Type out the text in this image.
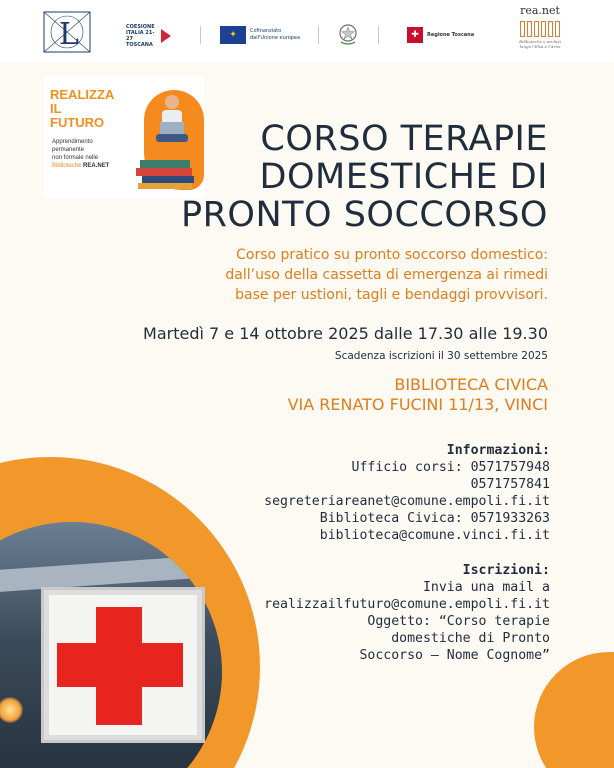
L	COESIONE ITALIA 21-27 TOSCANA
✦	Cofinanziato dall'Unione europea	✚	Regione Toscana
rea.net
Biblioteche e archivi lungo l'Elsa e l'Arno
REALIZZA
IL
FUTURO
Apprendimento
permanente
non formale nelle
Biblioteche REA.NET
CORSO TERAPIE
DOMESTICHE DI
PRONTO SOCCORSO
Corso pratico su pronto soccorso domestico:
dall’uso della cassetta di emergenza ai rimedi
base per ustioni, tagli e bendaggi provvisori.
Martedì 7 e 14 ottobre 2025 dalle 17.30 alle 19.30
Scadenza iscrizioni il 30 settembre 2025
BIBLIOTECA CIVICA
VIA RENATO FUCINI 11/13, VINCI
Informazioni:
Ufficio corsi: 0571757948
0571757841
segreteriareanet@comune.empoli.fi.it
Biblioteca Civica: 0571933263
biblioteca@comune.vinci.fi.it
Iscrizioni:
Invia una mail a
realizzailfuturo@comune.empoli.fi.it
Oggetto: “Corso terapie
domestiche di Pronto
Soccorso – Nome Cognome”
